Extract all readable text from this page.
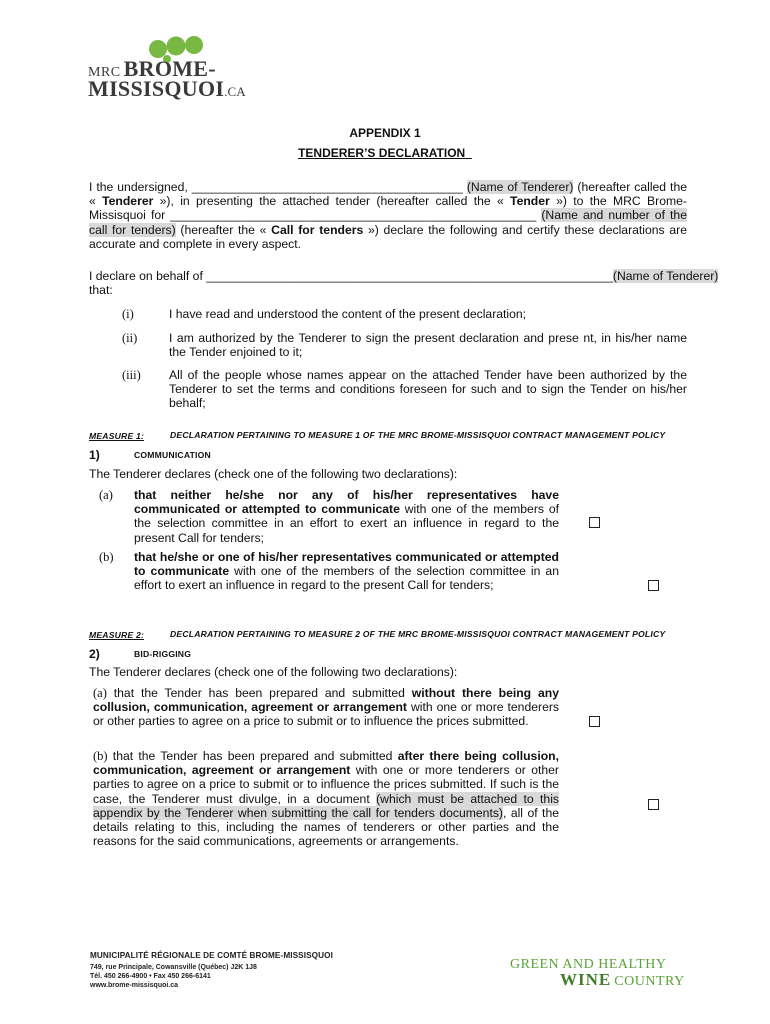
MRC BROME-
MISSISQUOI.CA
APPENDIX 1
TENDERER’S DECLARATION
I the undersigned, ________________________________________ (Name of Tenderer) (hereafter called the « Tenderer »), in presenting the attached tender (hereafter called the « Tender ») to the MRC Brome-Missisquoi for ______________________________________________________ (Name and number of the call for tenders) (hereafter the « Call for tenders ») declare the following and certify these declarations are accurate and complete in every aspect.
I declare on behalf of ____________________________________________________________ (Name of Tenderer)
that:
(i)	I have read and understood the content of the present declaration;
(ii)	I am authorized by the Tenderer to sign the present declaration and prese nt, in his/her name the Tender enjoined to it;
(iii) All of the people whose names appear on the attached Tender have been authorized by the Tenderer to set the terms and conditions foreseen for such and to sign the Tender on his/her behalf;
MEASURE 1:	DECLARATION PERTAINING TO MEASURE 1 OF THE MRC BROME-MISSISQUOI CONTRACT MANAGEMENT POLICY
1)	COMMUNICATION
The Tenderer declares (check one of the following two declarations):
(a) that neither he/she nor any of his/her representatives have communicated or attempted to communicate with one of the members of the selection committee in an effort to exert an influence in regard to the present Call for tenders;
(b) that he/she or one of his/her representatives communicated or attempted to communicate with one of the members of the selection committee in an effort to exert an influence in regard to the present Call for tenders;
MEASURE 2:	DECLARATION PERTAINING TO MEASURE 2 OF THE MRC BROME-MISSISQUOI CONTRACT MANAGEMENT POLICY
2)	BID-RIGGING
The Tenderer declares (check one of the following two declarations):
(a) that the Tender has been prepared and submitted without there being any collusion, communication, agreement or arrangement with one or more tenderers or other parties to agree on a price to submit or to influence the prices submitted.
(b) that the Tender has been prepared and submitted after there being collusion, communication, agreement or arrangement with one or more tenderers or other parties to agree on a price to submit or to influence the prices submitted. If such is the case, the Tenderer must divulge, in a document (which must be attached to this appendix by the Tenderer when submitting the call for tenders documents), all of the details relating to this, including the names of tenderers or other parties and the reasons for the said communications, agreements or arrangements.
MUNICIPALITÉ RÉGIONALE DE COMTÉ BROME-MISSISQUOI
749, rue Principale, Cowansville (Québec) J2K 1J8
Tél. 450 266-4900 • Fax 450 266-6141
www.brome-missisquoi.ca
GREEN AND HEALTHY
WINE COUNTRY
